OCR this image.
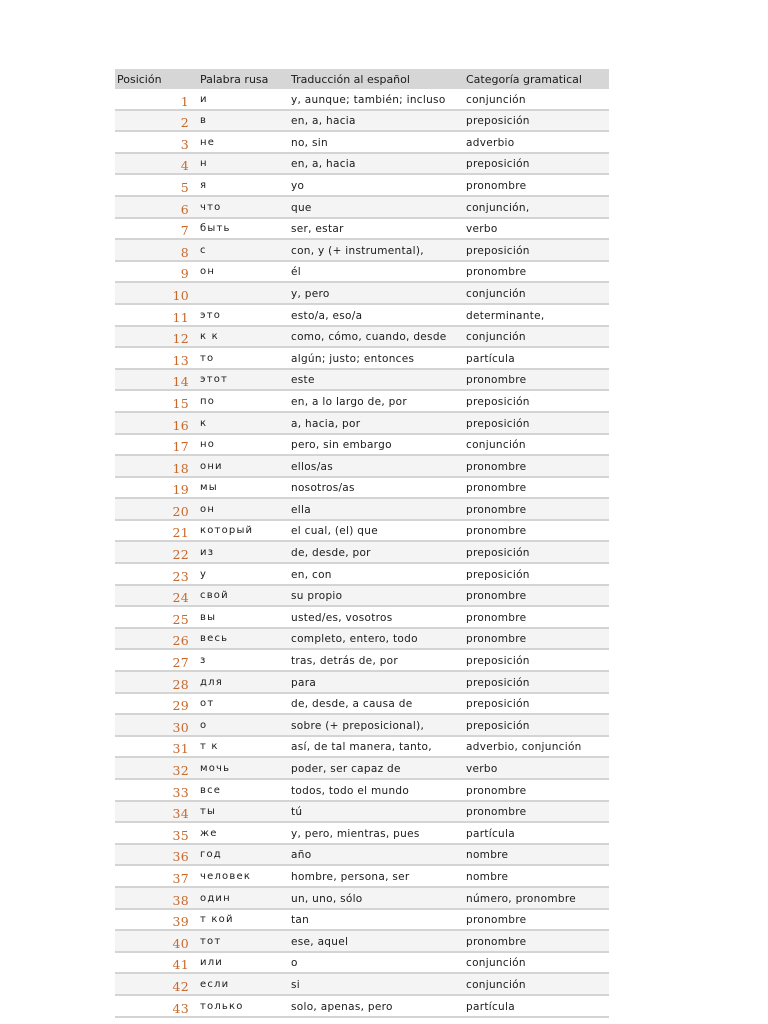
Posición	Palabra rusa	Traducción al español	Categoría gramatical
1	и	y, aunque; también; incluso	conjunción
2	в	en, a, hacia	preposición
3	не	no, sin	adverbio
4	н	en, a, hacia	preposición
5	я	yo	pronombre
6	что	que	conjunción,
7	быть	ser, estar	verbo
8	с	con, y (+ instrumental),	preposición
9	он	él	pronombre
10		y, pero	conjunción
11	это	esto/a, eso/a	determinante,
12	к к	como, cómo, cuando, desde	conjunción
13	то	algún; justo; entonces	partícula
14	этот	este	pronombre
15	по	en, a lo largo de, por	preposición
16	к	a, hacia, por	preposición
17	но	pero, sin embargo	conjunción
18	они	ellos/as	pronombre
19	мы	nosotros/as	pronombre
20	он	ella	pronombre
21	который	el cual, (el) que	pronombre
22	из	de, desde, por	preposición
23	у	en, con	preposición
24	свой	su propio	pronombre
25	вы	usted/es, vosotros	pronombre
26	весь	completo, entero, todo	pronombre
27	з	tras, detrás de, por	preposición
28	для	para	preposición
29	от	de, desde, a causa de	preposición
30	о	sobre (+ preposicional),	preposición
31	т к	así, de tal manera, tanto,	adverbio, conjunción
32	мочь	poder, ser capaz de	verbo
33	все	todos, todo el mundo	pronombre
34	ты	tú	pronombre
35	же	y, pero, mientras, pues	partícula
36	год	año	nombre
37	человек	hombre, persona, ser	nombre
38	один	un, uno, sólo	número, pronombre
39	т кой	tan	pronombre
40	тот	ese, aquel	pronombre
41	или	o	conjunción
42	если	si	conjunción
43	только	solo, apenas, pero	partícula
